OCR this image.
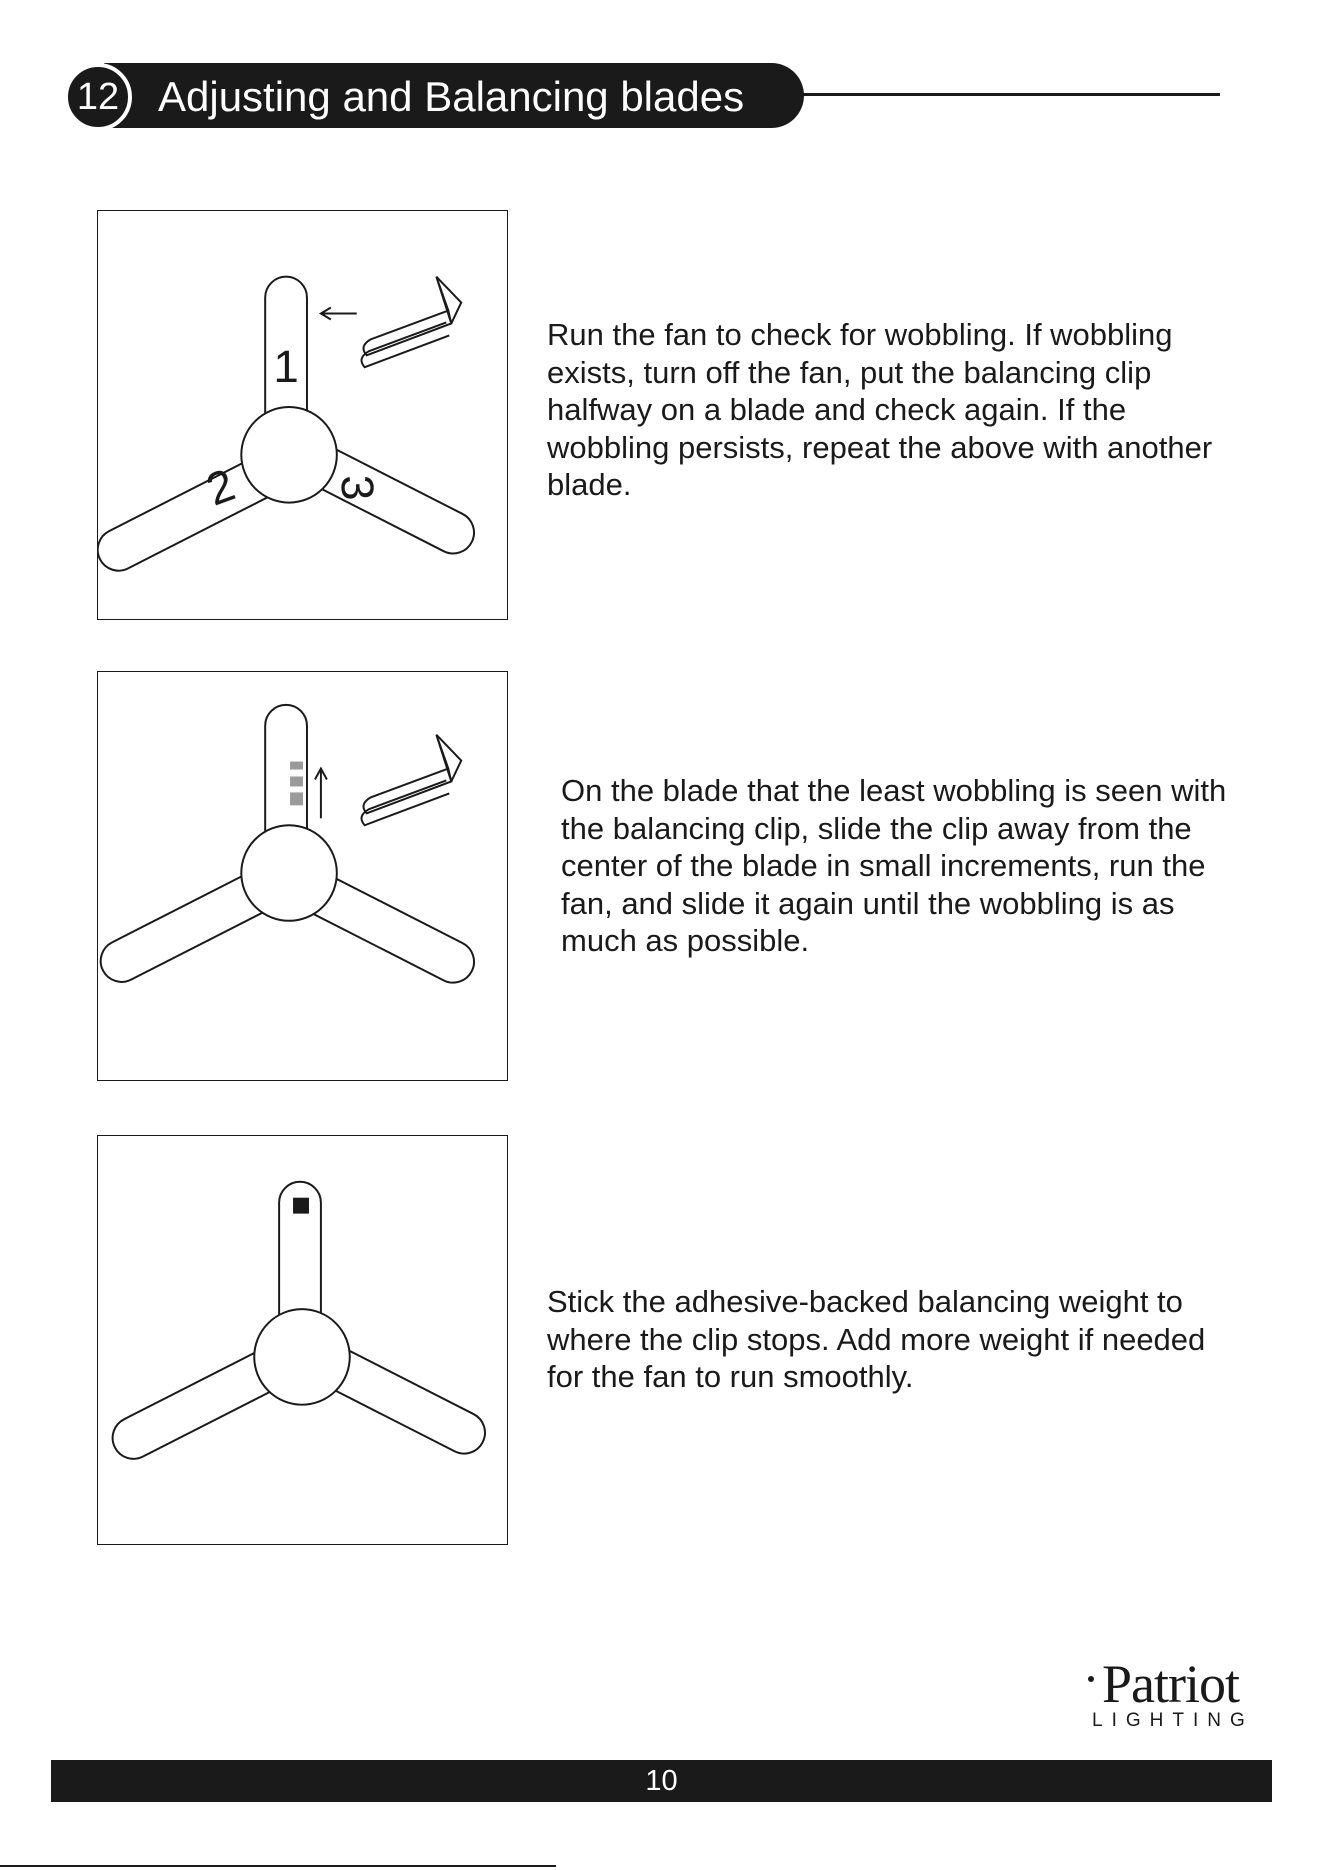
12 Adjusting and Balancing blades
1
2 3
Run the fan to check for wobbling. If wobbling exists, turn off the fan, put the balancing clip halfway on a blade and check again. If the wobbling persists, repeat the above with another blade.
On the blade that the least wobbling is seen with the balancing clip, slide the clip away from the center of the blade in small increments, run the fan, and slide it again until the wobbling is as much as possible.
Stick the adhesive-backed balancing weight to where the clip stops. Add more weight if needed for the fan to run smoothly.
Patriot
LIGHTING
10
